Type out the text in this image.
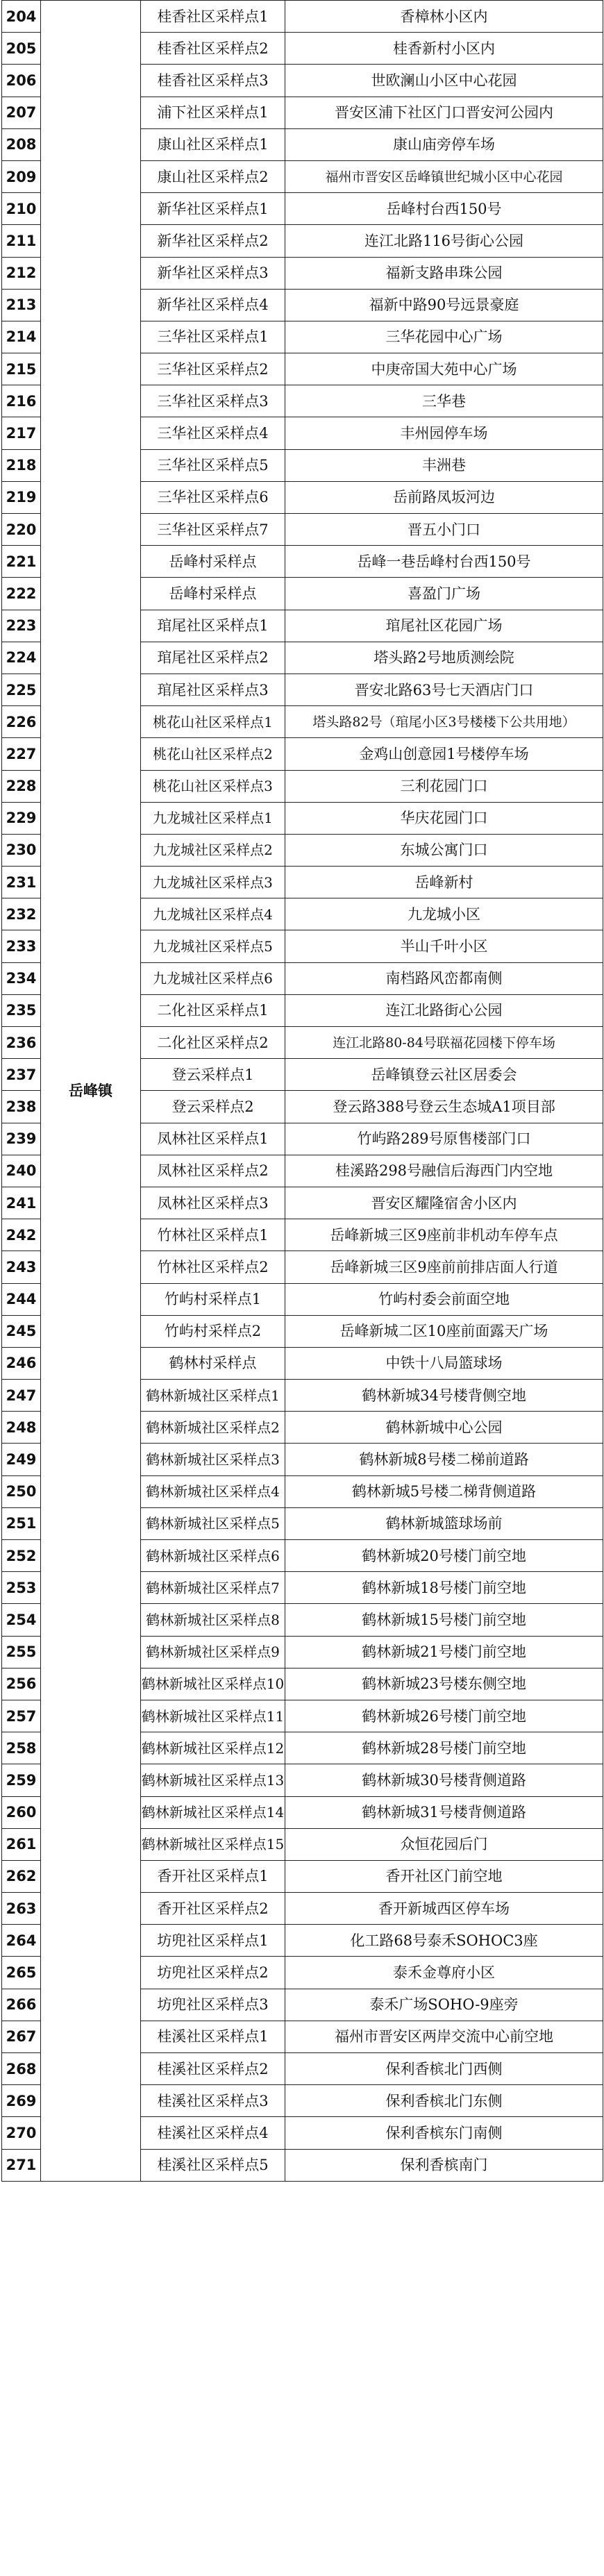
204	岳峰镇	桂香社区采样点1	香樟林小区内
205		桂香社区采样点2	桂香新村小区内
206		桂香社区采样点3	世欧澜山小区中心花园
207		浦下社区采样点1	晋安区浦下社区门口晋安河公园内
208		康山社区采样点1	康山庙旁停车场
209		康山社区采样点2	福州市晋安区岳峰镇世纪城小区中心花园
210		新华社区采样点1	岳峰村台西150号
211		新华社区采样点2	连江北路116号街心公园
212		新华社区采样点3	福新支路串珠公园
213		新华社区采样点4	福新中路90号远景豪庭
214		三华社区采样点1	三华花园中心广场
215		三华社区采样点2	中庚帝国大苑中心广场
216		三华社区采样点3	三华巷
217		三华社区采样点4	丰州园停车场
218		三华社区采样点5	丰洲巷
219		三华社区采样点6	岳前路凤坂河边
220		三华社区采样点7	晋五小门口
221		岳峰村采样点	岳峰一巷岳峰村台西150号
222		岳峰村采样点	喜盈门广场
223		琯尾社区采样点1	琯尾社区花园广场
224		琯尾社区采样点2	塔头路2号地质测绘院
225		琯尾社区采样点3	晋安北路63号七天酒店门口
226		桃花山社区采样点1	塔头路82号（琯尾小区3号楼楼下公共用地）
227		桃花山社区采样点2	金鸡山创意园1号楼停车场
228		桃花山社区采样点3	三利花园门口
229		九龙城社区采样点1	华庆花园门口
230		九龙城社区采样点2	东城公寓门口
231		九龙城社区采样点3	岳峰新村
232		九龙城社区采样点4	九龙城小区
233		九龙城社区采样点5	半山千叶小区
234		九龙城社区采样点6	南档路风峦都南侧
235		二化社区采样点1	连江北路街心公园
236		二化社区采样点2	连江北路80-84号联福花园楼下停车场
237		登云采样点1	岳峰镇登云社区居委会
238		登云采样点2	登云路388号登云生态城A1项目部
239		凤林社区采样点1	竹屿路289号原售楼部门口
240		凤林社区采样点2	桂溪路298号融信后海西门内空地
241		凤林社区采样点3	晋安区耀隆宿舍小区内
242		竹林社区采样点1	岳峰新城三区9座前非机动车停车点
243		竹林社区采样点2	岳峰新城三区9座前前排店面人行道
244		竹屿村采样点1	竹屿村委会前面空地
245		竹屿村采样点2	岳峰新城二区10座前面露天广场
246		鹤林村采样点	中铁十八局篮球场
247		鹤林新城社区采样点1	鹤林新城34号楼背侧空地
248		鹤林新城社区采样点2	鹤林新城中心公园
249		鹤林新城社区采样点3	鹤林新城8号楼二梯前道路
250		鹤林新城社区采样点4	鹤林新城5号楼二梯背侧道路
251		鹤林新城社区采样点5	鹤林新城篮球场前
252		鹤林新城社区采样点6	鹤林新城20号楼门前空地
253		鹤林新城社区采样点7	鹤林新城18号楼门前空地
254		鹤林新城社区采样点8	鹤林新城15号楼门前空地
255		鹤林新城社区采样点9	鹤林新城21号楼门前空地
256		鹤林新城社区采样点10	鹤林新城23号楼东侧空地
257		鹤林新城社区采样点11	鹤林新城26号楼门前空地
258		鹤林新城社区采样点12	鹤林新城28号楼门前空地
259		鹤林新城社区采样点13	鹤林新城30号楼背侧道路
260		鹤林新城社区采样点14	鹤林新城31号楼背侧道路
261		鹤林新城社区采样点15	众恒花园后门
262		香开社区采样点1	香开社区门前空地
263		香开社区采样点2	香开新城西区停车场
264		坊兜社区采样点1	化工路68号泰禾SOHOC3座
265		坊兜社区采样点2	泰禾金尊府小区
266		坊兜社区采样点3	泰禾广场SOHO-9座旁
267		桂溪社区采样点1	福州市晋安区两岸交流中心前空地
268		桂溪社区采样点2	保利香槟北门西侧
269		桂溪社区采样点3	保利香槟北门东侧
270		桂溪社区采样点4	保利香槟东门南侧
271		桂溪社区采样点5	保利香槟南门
